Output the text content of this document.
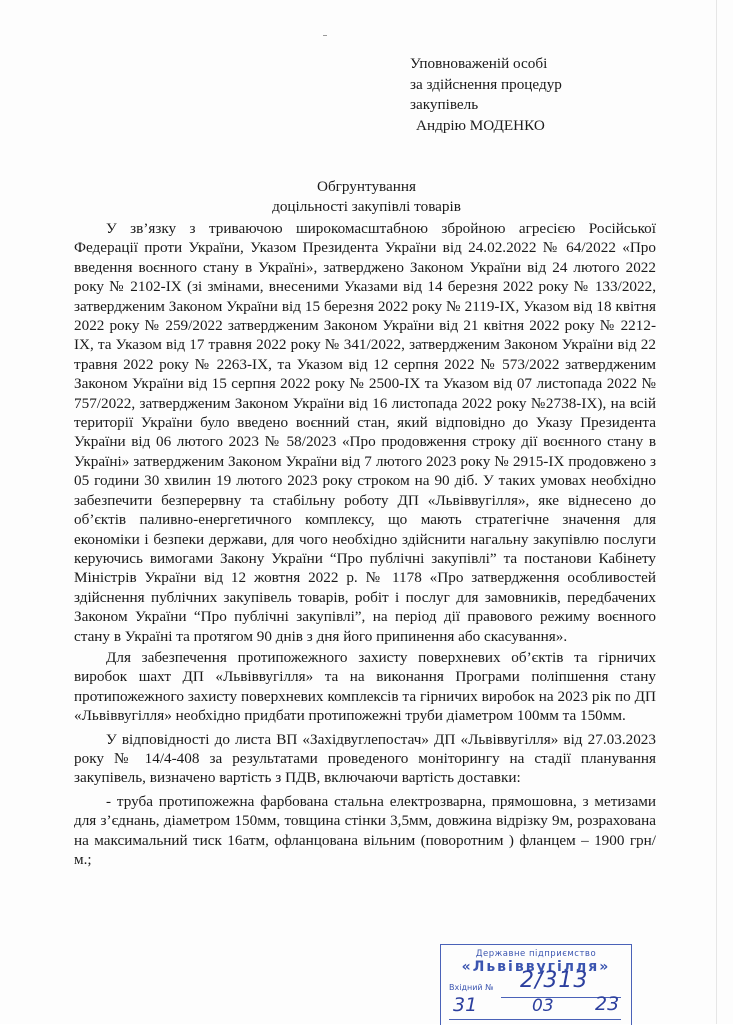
Уповноваженій особі
за здійснення процедур
закупівель
Андрію МОДЕНКО
Обгрунтування
доцільності закупівлі товарів

У зв’язку з триваючою широкомасштабною збройною агресією Російської Федерації проти України, Указом Президента України від 24.02.2022 № 64/2022 «Про введення воєнного стану в Україні», затверджено Законом України від 24 лютого 2022 року № 2102-IX (зі змінами, внесеними Указами від 14 березня 2022 року № 133/2022, затвердженим Законом України від 15 березня 2022 року № 2119-IX, Указом від 18 квітня 2022 року № 259/2022 затвердженим Законом України від 21 квітня 2022 року № 2212-IX, та Указом від 17 травня 2022 року № 341/2022, затвердженим Законом України від 22 травня 2022 року № 2263-IX, та Указом від 12 серпня 2022 № 573/2022 затвердженим Законом України від 15 серпня 2022 року № 2500-IX та Указом від 07 листопада 2022 № 757/2022, затвердженим Законом України від 16 листопада 2022 року №2738-IX), на всій території України було введено воєнний стан, який відповідно до Указу Президента України від 06 лютого 2023 № 58/2023 «Про продовження строку дії воєнного стану в Україні» затвердженим Законом України від 7 лютого 2023 року № 2915-IX продовжено з 05 години 30 хвилин 19 лютого 2023 року строком на 90 діб. У таких умовах необхідно забезпечити безперервну та стабільну роботу ДП «Львіввугілля», яке віднесено до об’єктів паливно-енергетичного комплексу, що мають стратегічне значення для економіки і безпеки держави, для чого необхідно здійснити нагальну закупівлю послуги керуючись вимогами Закону України “Про публічні закупівлі” та постанови Кабінету Міністрів України від 12 жовтня 2022 р. № 1178 «Про затвердження особливостей здійснення публічних закупівель товарів, робіт і послуг для замовників, передбачених Законом України “Про публічні закупівлі”, на період дії правового режиму воєнного стану в Україні та протягом 90 днів з дня його припинення або скасування».

Для забезпечення протипожежного захисту поверхневих об’єктів та гірничих виробок шахт ДП «Львіввугілля» та на виконання Програми поліпшення стану протипожежного захисту поверхневих комплексів та гірничих виробок на 2023 рік по ДП «Львіввугілля» необхідно придбати протипожежні труби діаметром 100мм та 150мм.

У відповідності до листа ВП «Західвуглепостач» ДП «Львіввугілля» від 27.03.2023 року № 14/4-408 за результатами проведеного моніторингу на стадії планування закупівель, визначено вартість з ПДВ, включаючи вартість доставки:

- труба протипожежна фарбована стальна електрозварна, прямошовна, з метизами для з’єднань, діаметром 150мм, товщина стінки 3,5мм, довжина відрізку 9м, розрахована на максимальний тиск 16атм, офланцована вільним (поворотним ) фланцем – 1900 грн/м.;

Державне підприємство
«Львіввугілля»
Вхідний № 2/313
31	03 23
